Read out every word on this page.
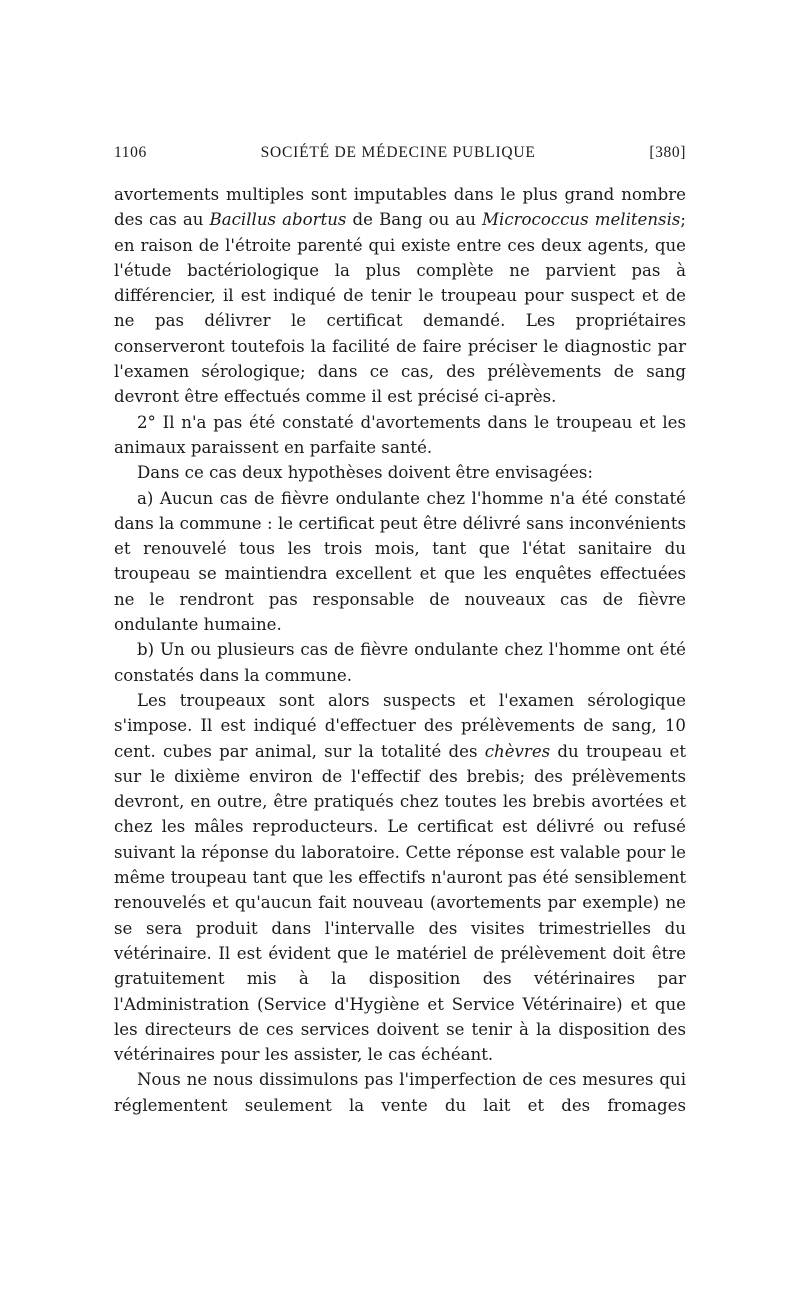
1106	SOCIÉTÉ DE MÉDECINE PUBLIQUE	[380]

avortements multiples sont imputables dans le plus grand nombre des cas au Bacillus abortus de Bang ou au Micrococcus melitensis; en raison de l'étroite parenté qui existe entre ces deux agents, que l'étude bactériologique la plus complète ne parvient pas à différencier, il est indiqué de tenir le troupeau pour suspect et de ne pas délivrer le certificat demandé. Les propriétaires conserveront toutefois la facilité de faire préciser le diagnostic par l'examen sérologique; dans ce cas, des prélèvements de sang devront être effectués comme il est précisé ci-après.

2° Il n'a pas été constaté d'avortements dans le troupeau et les animaux paraissent en parfaite santé.

Dans ce cas deux hypothèses doivent être envisagées:

a) Aucun cas de fièvre ondulante chez l'homme n'a été constaté dans la commune : le certificat peut être délivré sans inconvénients et renouvelé tous les trois mois, tant que l'état sanitaire du troupeau se maintiendra excellent et que les enquêtes effectuées ne le rendront pas responsable de nouveaux cas de fièvre ondulante humaine.

b) Un ou plusieurs cas de fièvre ondulante chez l'homme ont été constatés dans la commune.

Les troupeaux sont alors suspects et l'examen sérologique s'impose. Il est indiqué d'effectuer des prélèvements de sang, 10 cent. cubes par animal, sur la totalité des chèvres du troupeau et sur le dixième environ de l'effectif des brebis; des prélèvements devront, en outre, être pratiqués chez toutes les brebis avortées et chez les mâles reproducteurs. Le certificat est délivré ou refusé suivant la réponse du laboratoire. Cette réponse est valable pour le même troupeau tant que les effectifs n'auront pas été sensiblement renouvelés et qu'aucun fait nouveau (avortements par exemple) ne se sera produit dans l'intervalle des visites trimestrielles du vétérinaire. Il est évident que le matériel de prélèvement doit être gratuitement mis à la disposition des vétérinaires par l'Administration (Service d'Hygiène et Service Vétérinaire) et que les directeurs de ces services doivent se tenir à la disposition des vétérinaires pour les assister, le cas échéant.

Nous ne nous dissimulons pas l'imperfection de ces mesures qui réglementent seulement la vente du lait et des fromages
